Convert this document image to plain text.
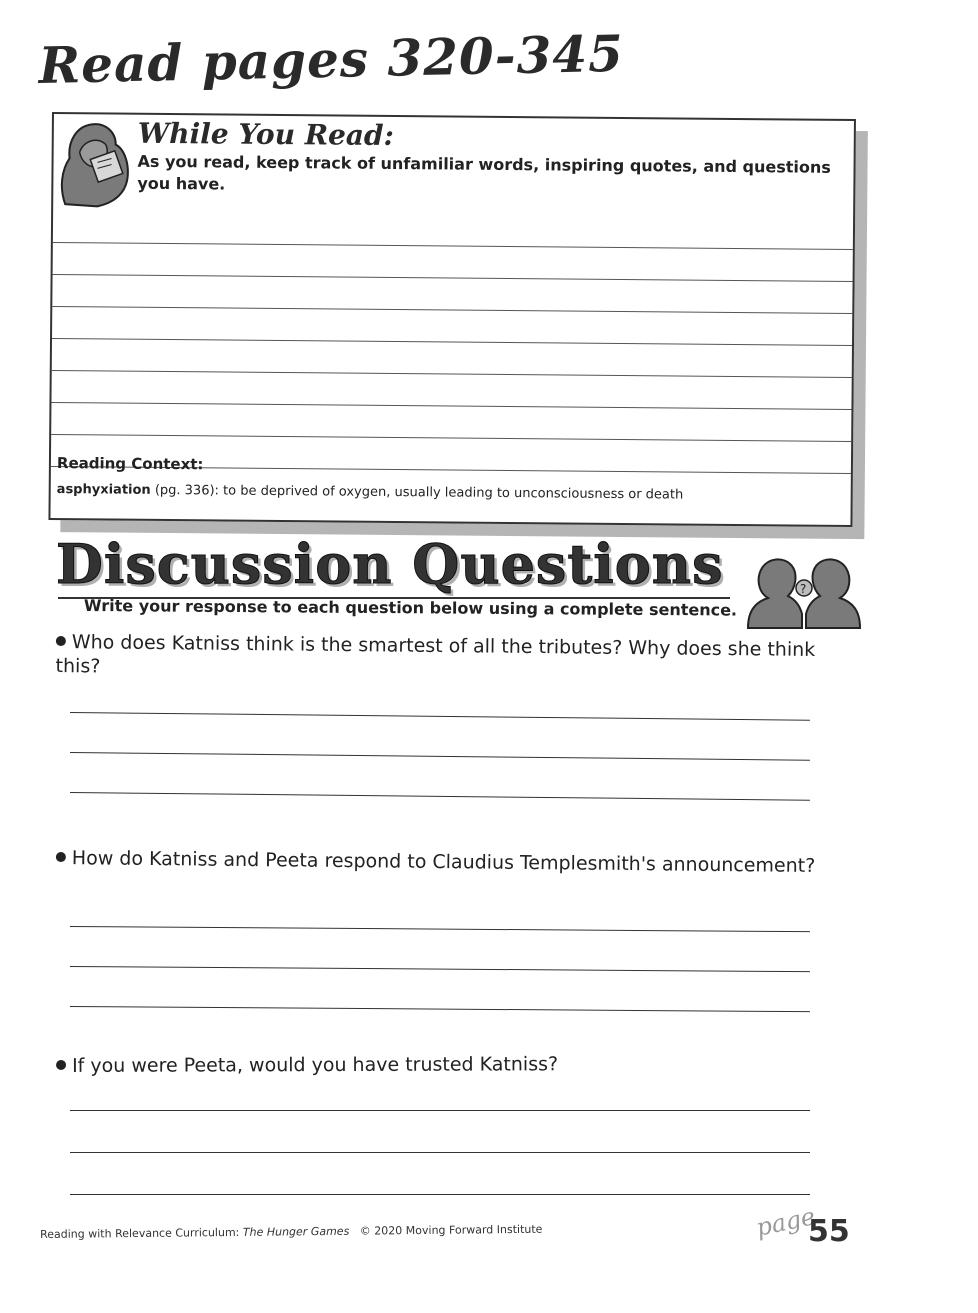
Read pages 320-345
While You Read:
As you read, keep track of unfamiliar words, inspiring quotes, and questions you have.
Reading Context:
asphyxiation (pg. 336): to be deprived of oxygen, usually leading to unconsciousness or death
Discussion Questions
Write your response to each question below using a complete sentence.
?
Who does Katniss think is the smartest of all the tributes? Why does she think this?
How do Katniss and Peeta respond to Claudius Templesmith's announcement?
If you were Peeta, would you have trusted Katniss?
Reading with Relevance Curriculum: The Hunger Games © 2020 Moving Forward Institute	page
55
